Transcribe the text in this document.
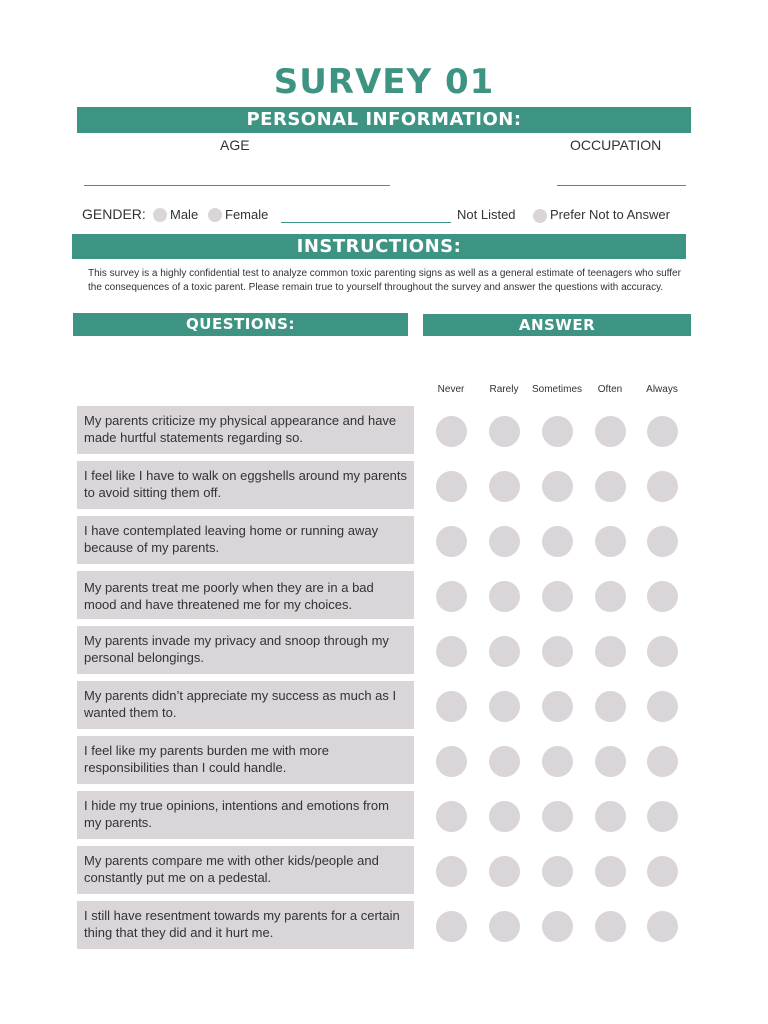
SURVEY 01
PERSONAL INFORMATION:
AGE	OCCUPATION
GENDER: Male Female	Not Listed	Prefer Not to Answer
INSTRUCTIONS:
This survey is a highly confidential test to analyze common toxic parenting signs as well as a general estimate of teenagers who suffer the consequences of a toxic parent. Please remain true to yourself throughout the survey and answer the questions with accuracy.
QUESTIONS:	ANSWER
Never	Rarely	Sometimes	Often	Always
My parents criticize my physical appearance and have made hurtful statements regarding so.
I feel like I have to walk on eggshells around my parents to avoid sitting them off.
I have contemplated leaving home or running away because of my parents.
My parents treat me poorly when they are in a bad mood and have threatened me for my choices.
My parents invade my privacy and snoop through my personal belongings.
My parents didn’t appreciate my success as much as I wanted them to.
I feel like my parents burden me with more responsibilities than I could handle.
I hide my true opinions, intentions and emotions from my parents.
My parents compare me with other kids/people and constantly put me on a pedestal.
I still have resentment towards my parents for a certain thing that they did and it hurt me.
